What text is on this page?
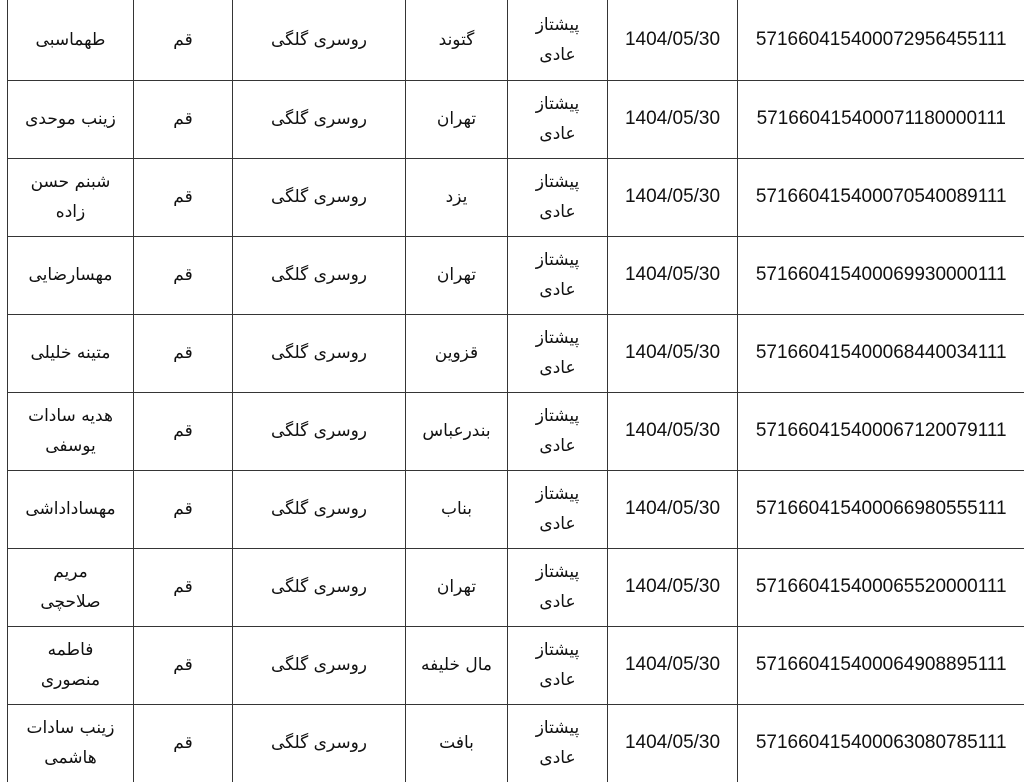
طهماسبی	قم	روسری گلگی	گتوند	پیشتاز عادی	1404/05/30	571660415400072956455111
زینب موحدی	قم	روسری گلگی	تهران	پیشتاز عادی	1404/05/30	571660415400071180000111
شبنم حسن زاده	قم	روسری گلگی	یزد	پیشتاز عادی	1404/05/30	571660415400070540089111
مهسارضایی	قم	روسری گلگی	تهران	پیشتاز عادی	1404/05/30	571660415400069930000111
متینه خلیلی	قم	روسری گلگی	قزوین	پیشتاز عادی	1404/05/30	571660415400068440034111
هدیه سادات یوسفی	قم	روسری گلگی	بندرعباس	پیشتاز عادی	1404/05/30	571660415400067120079111
مهساداداشی	قم	روسری گلگی	بناب	پیشتاز عادی	1404/05/30	571660415400066980555111
مریم صلاحچی	قم	روسری گلگی	تهران	پیشتاز عادی	1404/05/30	571660415400065520000111
فاطمه منصوری	قم	روسری گلگی	مال خلیفه	پیشتاز عادی	1404/05/30	571660415400064908895111
زینب سادات هاشمی	قم	روسری گلگی	بافت	پیشتاز عادی	1404/05/30	571660415400063080785111
